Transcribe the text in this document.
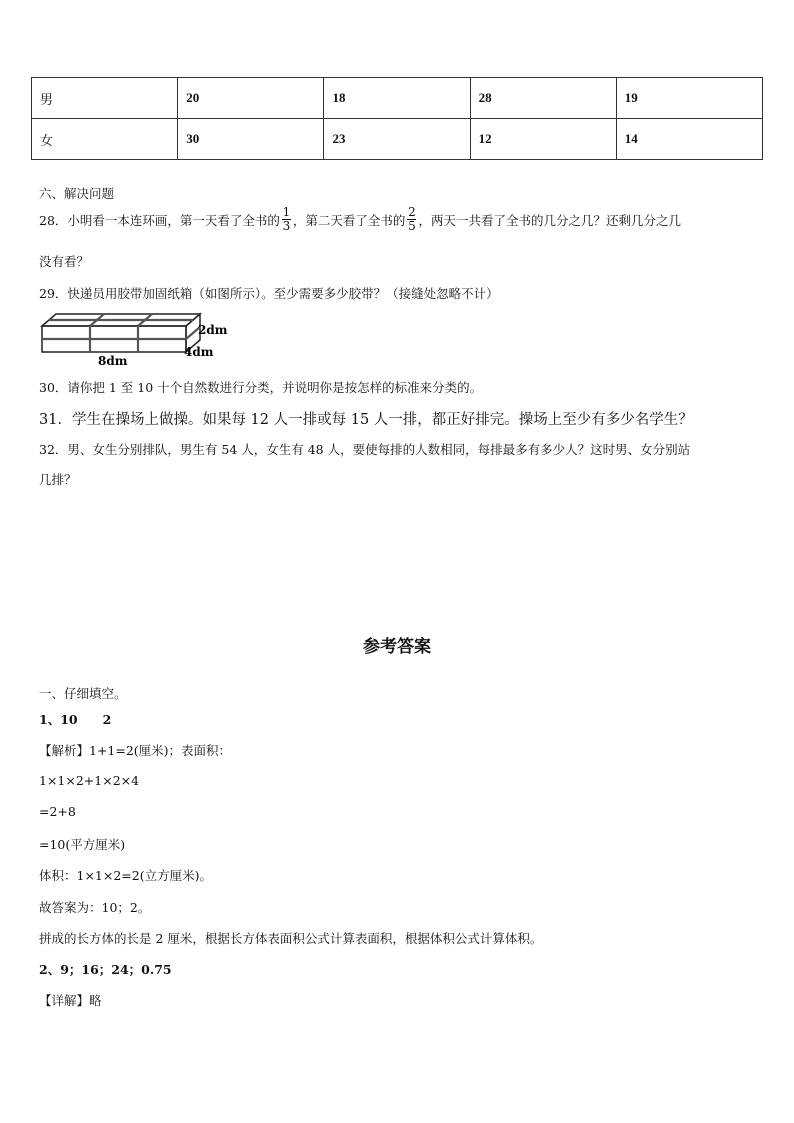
男	20	18	28	19
女	30	23	12	14
六、解决问题
28．小明看一本连环画，第一天看了全书的 $\frac{1}{3}$ ，第二天看了全书的 $\frac{2}{5}$ ，两天一共看了全书的几分之几？还剩几分之几
没有看？
29．快递员用胶带加固纸箱（如图所示）。至少需要多少胶带？（接缝处忽略不计）
2dm
4dm
8dm
30．请你把 1 至 10 十个自然数进行分类，并说明你是按怎样的标准来分类的。
31．学生在操场上做操。如果每 12 人一排或每 15 人一排，都正好排完。操场上至少有多少名学生？
32．男、女生分别排队，男生有 54 人，女生有 48 人，要使每排的人数相同，每排最多有多少人？这时男、女分别站
几排？
参考答案
一、仔细填空。
1、10　　2
【解析】1+1=2(厘米)；表面积：
1×1×2+1×2×4
=2+8
=10(平方厘米)
体积：1×1×2=2(立方厘米)。
故答案为：10；2。
拼成的长方体的长是 2 厘米，根据长方体表面积公式计算表面积，根据体积公式计算体积。
2、9；16；24；0.75
【详解】略
